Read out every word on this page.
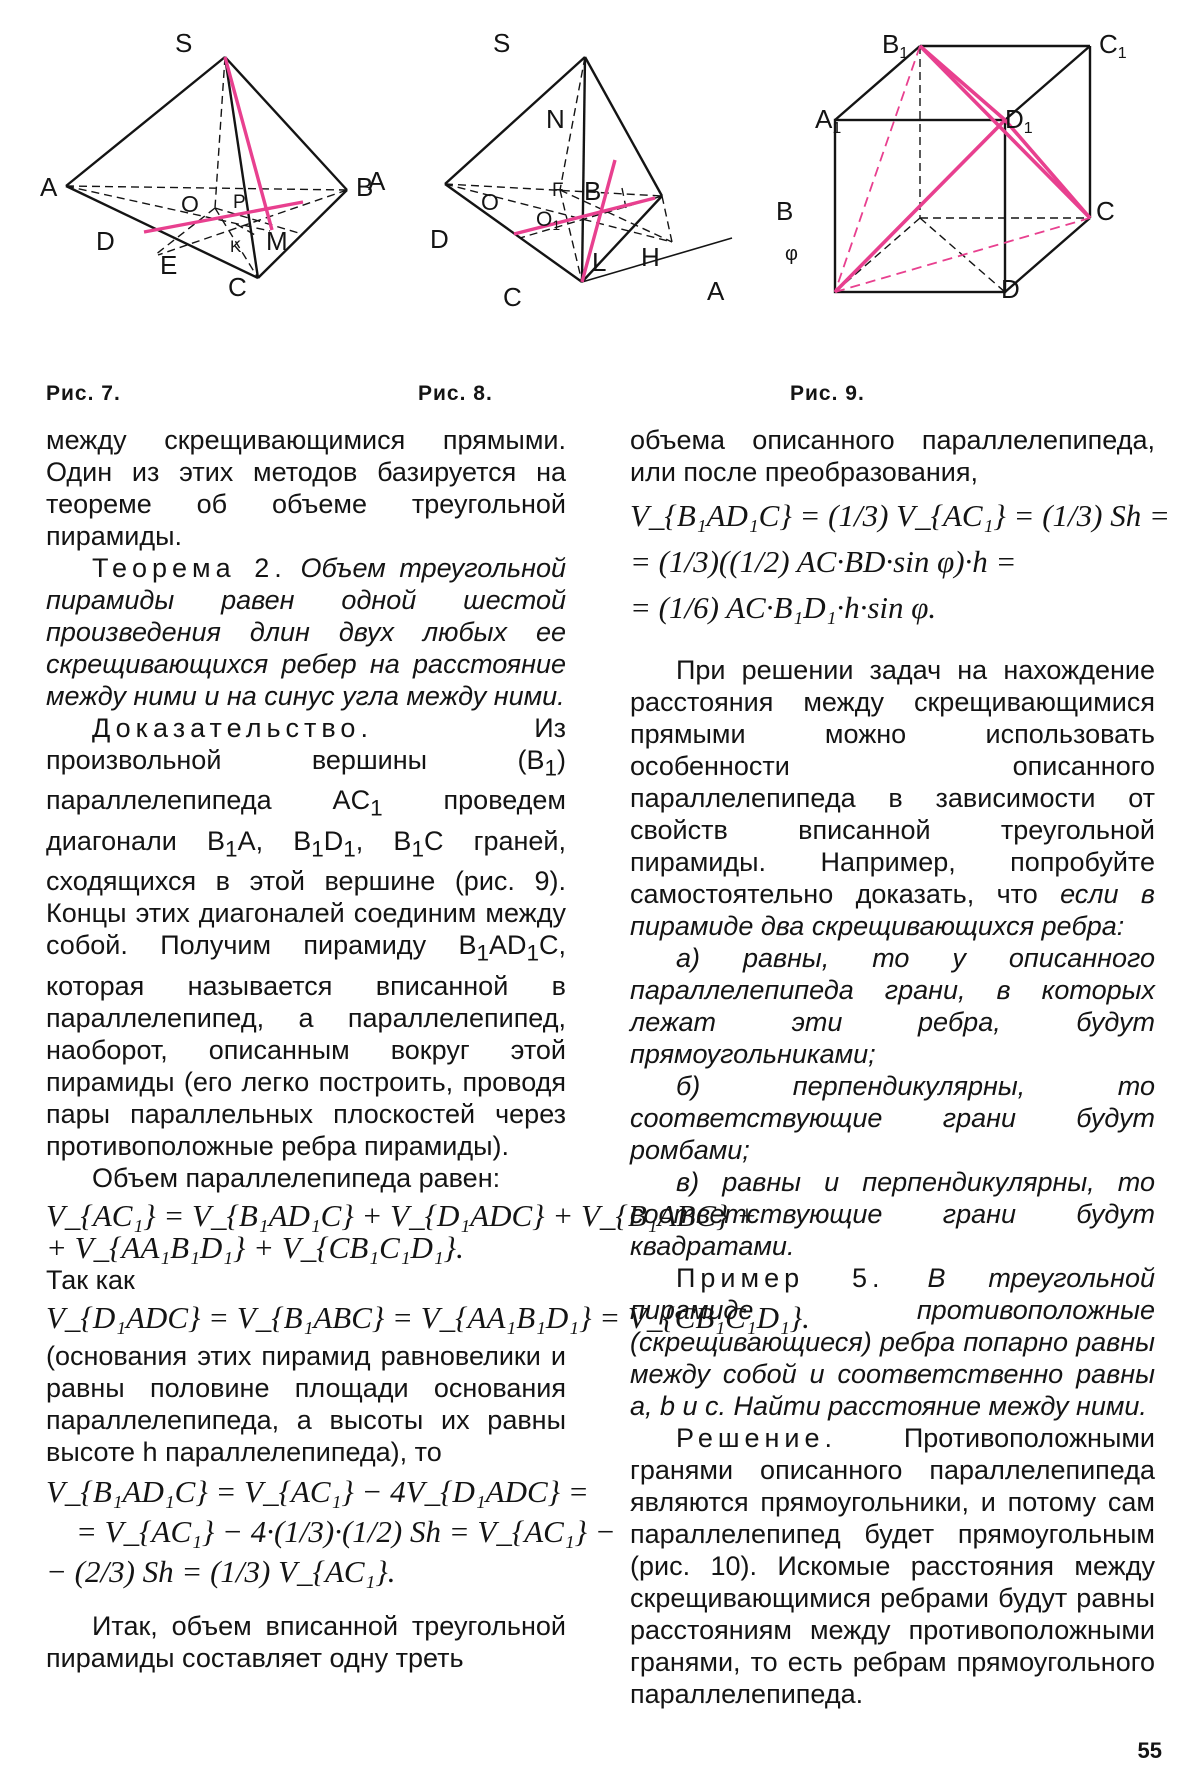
S
A	B
O P
D	M
K
E
C
S
N
A	F B
O
O1
D
C
L H
B1	C1
A1	D1
B	C
φ
A	D
Рис. 7.	Рис. 8.	Рис. 9.

между скрещивающимися прямыми. Один из этих методов базируется на теореме об объеме треугольной пирамиды.

Теорема 2. Объем треугольной пирамиды равен одной шестой произведения длин двух любых ее скрещивающихся ребер на расстояние между ними и на синус угла между ними.

Доказательство.	Из произвольной вершины $(B_1)$ параллелепипеда $AC_1$ проведем диагонали $B_1A$, $B_1D_1$, $B_1C$ граней, сходящихся в этой вершине (рис. 9). Концы этих диагоналей соединим между собой. Получим пирамиду $B_1AD_1C$, которая называется вписанной в параллелепипед, а параллелепипед, наоборот, описанным вокруг этой пирамиды (его легко построить, проводя пары параллельных плоскостей через противоположные ребра пирамиды).

Объем параллелепипеда равен:

V_{AC₁} = V_{B₁AD₁C} + V_{D₁ADC} + V_{B₁ABC} +

+ V_{AA₁B₁D₁} + V_{CB₁C₁D₁}.

Так как

V_{D₁ADC} = V_{B₁ABC} = V_{AA₁B₁D₁} = V_{CB₁C₁D₁}.

(основания этих пирамид равновелики и равны половине площади основания параллелепипеда, а высоты их равны высоте h параллелепипеда), то

V_{B₁AD₁C} = V_{AC₁} − 4V_{D₁ADC} =

= V_{AC₁} − 4·(1/3)·(1/2) Sh = V_{AC₁} −

− (2/3) Sh = (1/3) V_{AC₁}.

Итак, объем вписанной треугольной пирамиды составляет одну треть

объема описанного параллелепипеда, или после преобразования,

V_{B₁AD₁C} = (1/3) V_{AC₁} = (1/3) Sh =

= (1/3)((1/2) AC·BD·sin φ)·h =

= (1/6) AC·B₁D₁·h·sin φ.

При решении задач на нахождение расстояния между скрещивающимися прямыми можно использовать особенности описанного параллелепипеда в зависимости от свойств вписанной треугольной пирамиды. Например, попробуйте самостоятельно доказать, что если в пирамиде два скрещивающихся ребра:

а) равны, то у описанного параллелепипеда грани, в которых лежат эти ребра, будут прямоугольниками;

б) перпендикулярны, то соответствующие грани будут ромбами;

в) равны и перпендикулярны, то соответствующие грани будут квадратами.

Пример 5. В треугольной пирамиде противоположные (скрещивающиеся) ребра попарно равны между собой и соответственно равны a, b и c. Найти расстояние между ними.

Решение. Противоположными гранями описанного параллелепипеда являются прямоугольники, и потому сам параллелепипед будет прямоугольным (рис. 10). Искомые расстояния между скрещивающимися ребрами будут равны расстояниям между противоположными гранями, то есть ребрам прямоугольного параллелепипеда.

55
